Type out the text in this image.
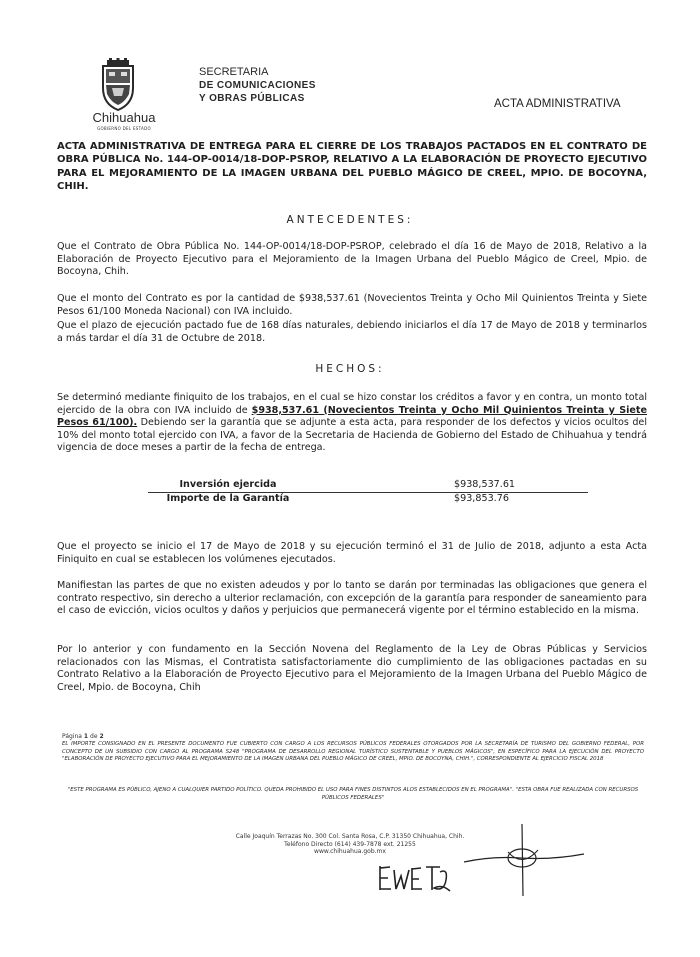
Chihuahua
GOBIERNO DEL ESTADO
SECRETARIA
DE COMUNICACIONES
Y OBRAS PÚBLICAS	ACTA ADMINISTRATIVA
ACTA ADMINISTRATIVA DE ENTREGA PARA EL CIERRE DE LOS TRABAJOS PACTADOS EN EL CONTRATO DE OBRA PÚBLICA No. 144-OP-0014/18-DOP-PSROP, RELATIVO A LA ELABORACIÓN DE PROYECTO EJECUTIVO PARA EL MEJORAMIENTO DE LA IMAGEN URBANA DEL PUEBLO MÁGICO DE CREEL, MPIO. DE BOCOYNA, CHIH.
ANTECEDENTES:
Que el Contrato de Obra Pública No. 144-OP-0014/18-DOP-PSROP, celebrado el día 16 de Mayo de 2018, Relativo a la Elaboración de Proyecto Ejecutivo para el Mejoramiento de la Imagen Urbana del Pueblo Mágico de Creel, Mpio. de Bocoyna, Chih.
Que el monto del Contrato es por la cantidad de $938,537.61 (Novecientos Treinta y Ocho Mil Quinientos Treinta y Siete Pesos 61/100 Moneda Nacional) con IVA incluido.
Que el plazo de ejecución pactado fue de 168 días naturales, debiendo iniciarlos el día 17 de Mayo de 2018 y terminarlos a más tardar el día 31 de Octubre de 2018.
HECHOS:
Se determinó mediante finiquito de los trabajos, en el cual se hizo constar los créditos a favor y en contra, un monto total ejercido de la obra con IVA incluido de $938,537.61 (Novecientos Treinta y Ocho Mil Quinientos Treinta y Siete Pesos 61/100). Debiendo ser la garantía que se adjunte a esta acta, para responder de los defectos y vicios ocultos del 10% del monto total ejercido con IVA, a favor de la Secretaria de Hacienda de Gobierno del Estado de Chihuahua y tendrá vigencia de doce meses a partir de la fecha de entrega.
Inversión ejercida	$938,537.61
Importe de la Garantía	$93,853.76
Que el proyecto se inicio el 17 de Mayo de 2018 y su ejecución terminó el 31 de Julio de 2018, adjunto a esta Acta Finiquito en cual se establecen los volúmenes ejecutados.
Manifiestan las partes de que no existen adeudos y por lo tanto se darán por terminadas las obligaciones que genera el contrato respectivo, sin derecho a ulterior reclamación, con excepción de la garantía para responder de saneamiento para el caso de evicción, vicios ocultos y daños y perjuicios que permanecerá vigente por el término establecido en la misma.
Por lo anterior y con fundamento en la Sección Novena del Reglamento de la Ley de Obras Públicas y Servicios relacionados con las Mismas, el Contratista satisfactoriamente dio cumplimiento de las obligaciones pactadas en su Contrato Relativo a la Elaboración de Proyecto Ejecutivo para el Mejoramiento de la Imagen Urbana del Pueblo Mágico de Creel, Mpio. de Bocoyna, Chih
Página 1 de 2
EL IMPORTE CONSIGNADO EN EL PRESENTE DOCUMENTO FUE CUBIERTO CON CARGO A LOS RECURSOS PÚBLICOS FEDERALES OTORGADOS POR LA SECRETARÍA DE TURISMO DEL GOBIERNO FEDERAL, POR CONCEPTO DE UN SUBSIDIO CON CARGO AL PROGRAMA S248 "PROGRAMA DE DESARROLLO REGIONAL TURÍSTICO SUSTENTABLE Y PUEBLOS MÁGICOS", EN ESPECÍFICO PARA LA EJECUCIÓN DEL PROYECTO "ELABORACIÓN DE PROYECTO EJECUTIVO PARA EL MEJORAMIENTO DE LA IMAGEN URBANA DEL PUEBLO MÁGICO DE CREEL, MPIO. DE BOCOYNA, CHIH.", CORRESPONDIENTE AL EJERCICIO FISCAL 2018
"ESTE PROGRAMA ES PÚBLICO, AJENO A CUALQUIER PARTIDO POLÍTICO. QUEDA PROHIBIDO EL USO PARA FINES DISTINTOS ALOS ESTABLECIDOS EN EL PROGRAMA". "ESTA OBRA FUE REALIZADA CON RECURSOS PÚBLICOS FEDERALES"
Calle Joaquín Terrazas No. 300 Col. Santa Rosa, C.P. 31350 Chihuahua, Chih.
Teléfono Directo (614) 439-7878 ext. 21255
www.chihuahua.gob.mx
